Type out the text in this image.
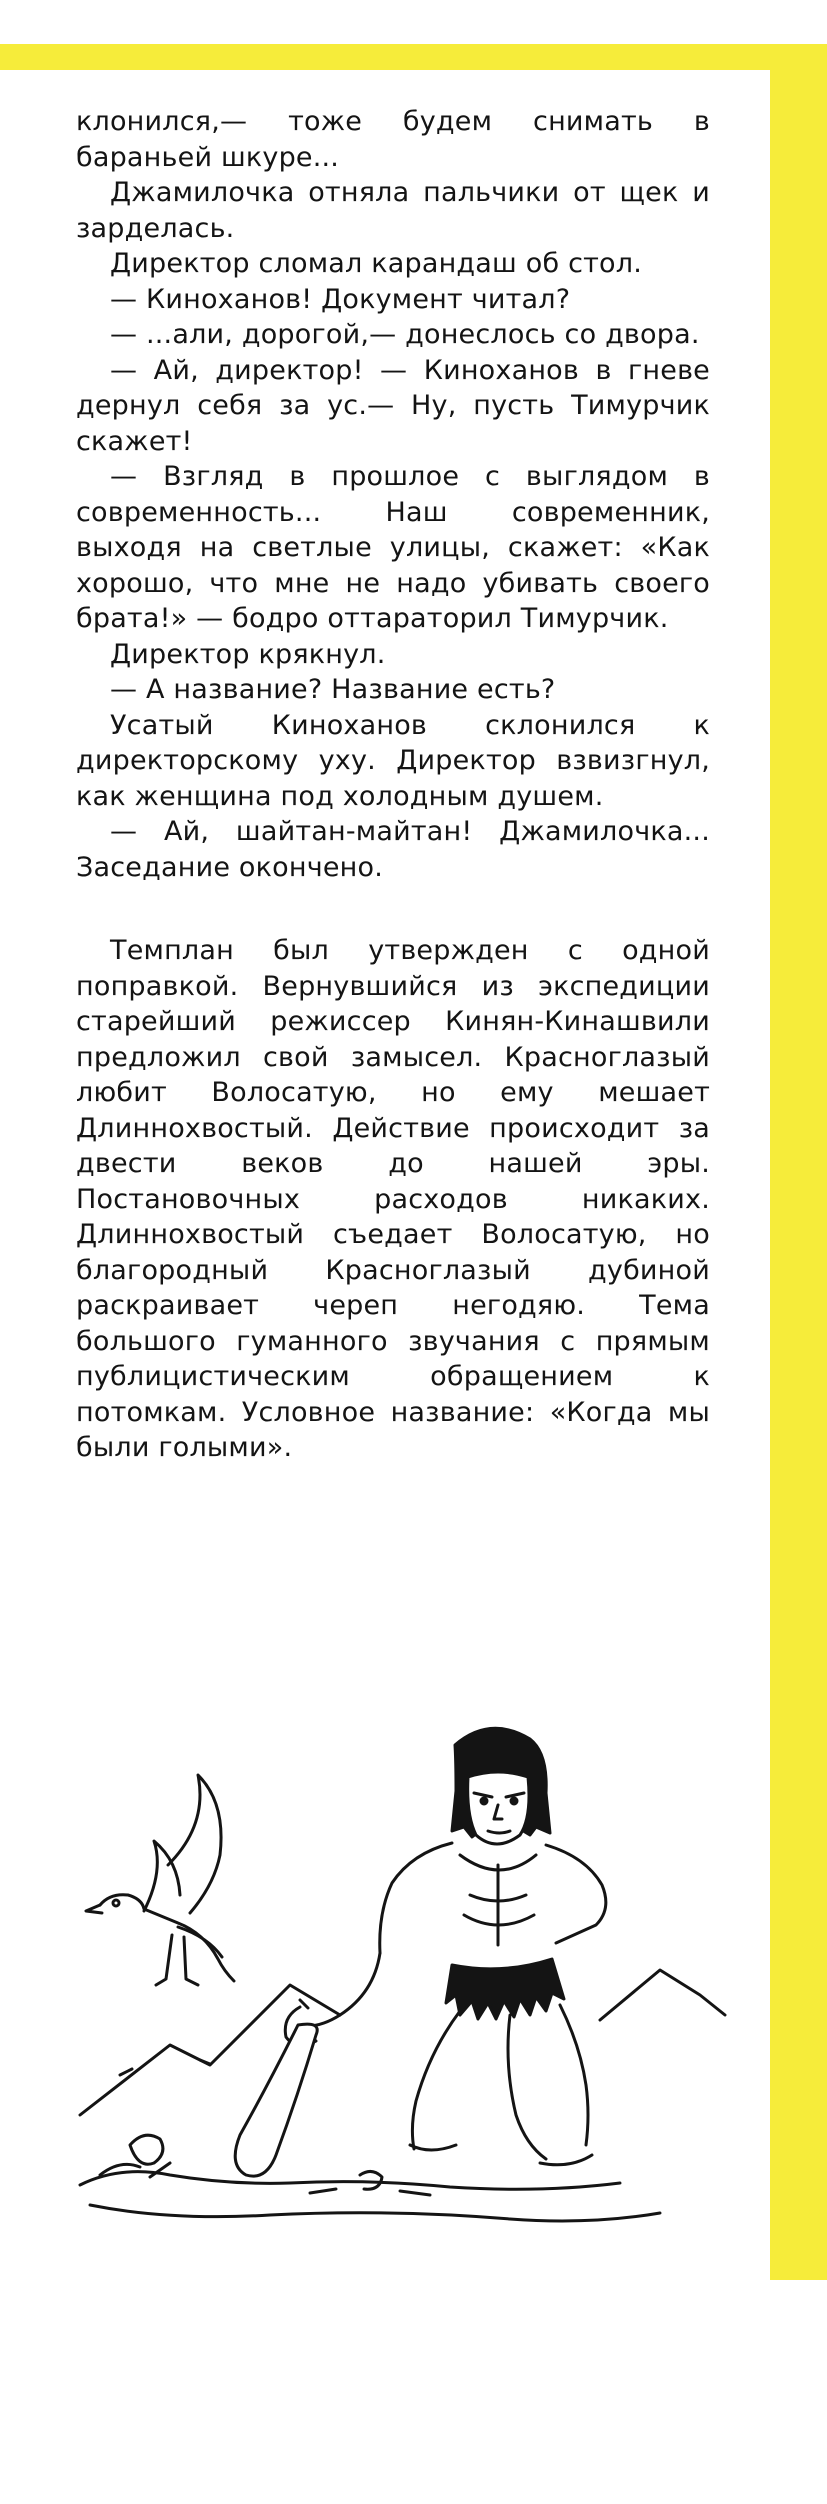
клонился,— тоже будем снимать в бараньей шкуре...

Джамилочка отняла пальчики от щек и зарделась.

Директор сломал карандаш об стол.

— Киноханов! Документ читал?

— ...али, дорогой,— донеслось со двора.

— Ай, директор! — Киноханов в гневе дернул себя за ус.— Ну, пусть Тимурчик скажет!

— Взгляд в прошлое с выглядом в современность... Наш современник, выходя на светлые улицы, скажет: «Как хорошо, что мне не надо убивать своего брата!» — бодро оттараторил Тимурчик.

Директор крякнул.

— А название? Название есть?

Усатый Киноханов склонился к директорскому уху. Директор взвизгнул, как женщина под холодным душем.

— Ай, шайтан-майтан! Джамилочка... Заседание окончено.

Темплан был утвержден с одной поправкой. Вернувшийся из экспедиции старейший режиссер Кинян-Кинашвили предложил свой замысел. Красноглазый любит Волосатую, но ему мешает Длиннохвостый. Действие происходит за двести веков до нашей эры. Постановочных расходов никаких. Длиннохвостый съедает Волосатую, но благородный Красноглазый дубиной раскраивает череп негодяю. Тема большого гуманного звучания с прямым публицистическим обращением к потомкам. Условное название: «Когда мы были голыми».
